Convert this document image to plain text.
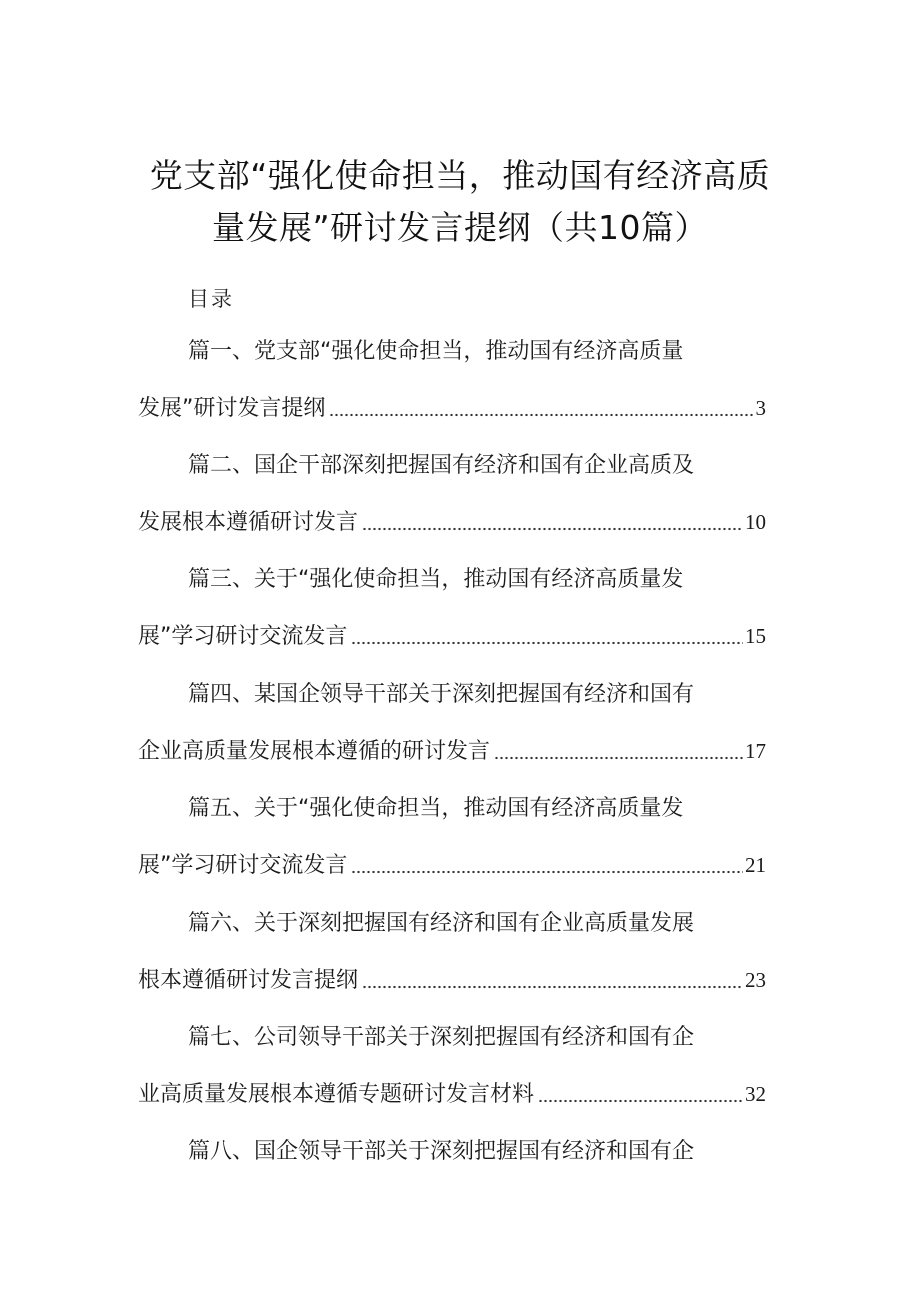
党支部“强化使命担当，推动国有经济高质
量发展”研讨发言提纲（共10篇）
目录
篇一、党支部“强化使命担当，推动国有经济高质量
发展”研讨发言提纲	3
篇二、国企干部深刻把握国有经济和国有企业高质及
发展根本遵循研讨发言	10
篇三、关于“强化使命担当，推动国有经济高质量发
展”学习研讨交流发言	15
篇四、某国企领导干部关于深刻把握国有经济和国有
企业高质量发展根本遵循的研讨发言	17
篇五、关于“强化使命担当，推动国有经济高质量发
展”学习研讨交流发言	21
篇六、关于深刻把握国有经济和国有企业高质量发展
根本遵循研讨发言提纲	23
篇七、公司领导干部关于深刻把握国有经济和国有企
业高质量发展根本遵循专题研讨发言材料	32
篇八、国企领导干部关于深刻把握国有经济和国有企
